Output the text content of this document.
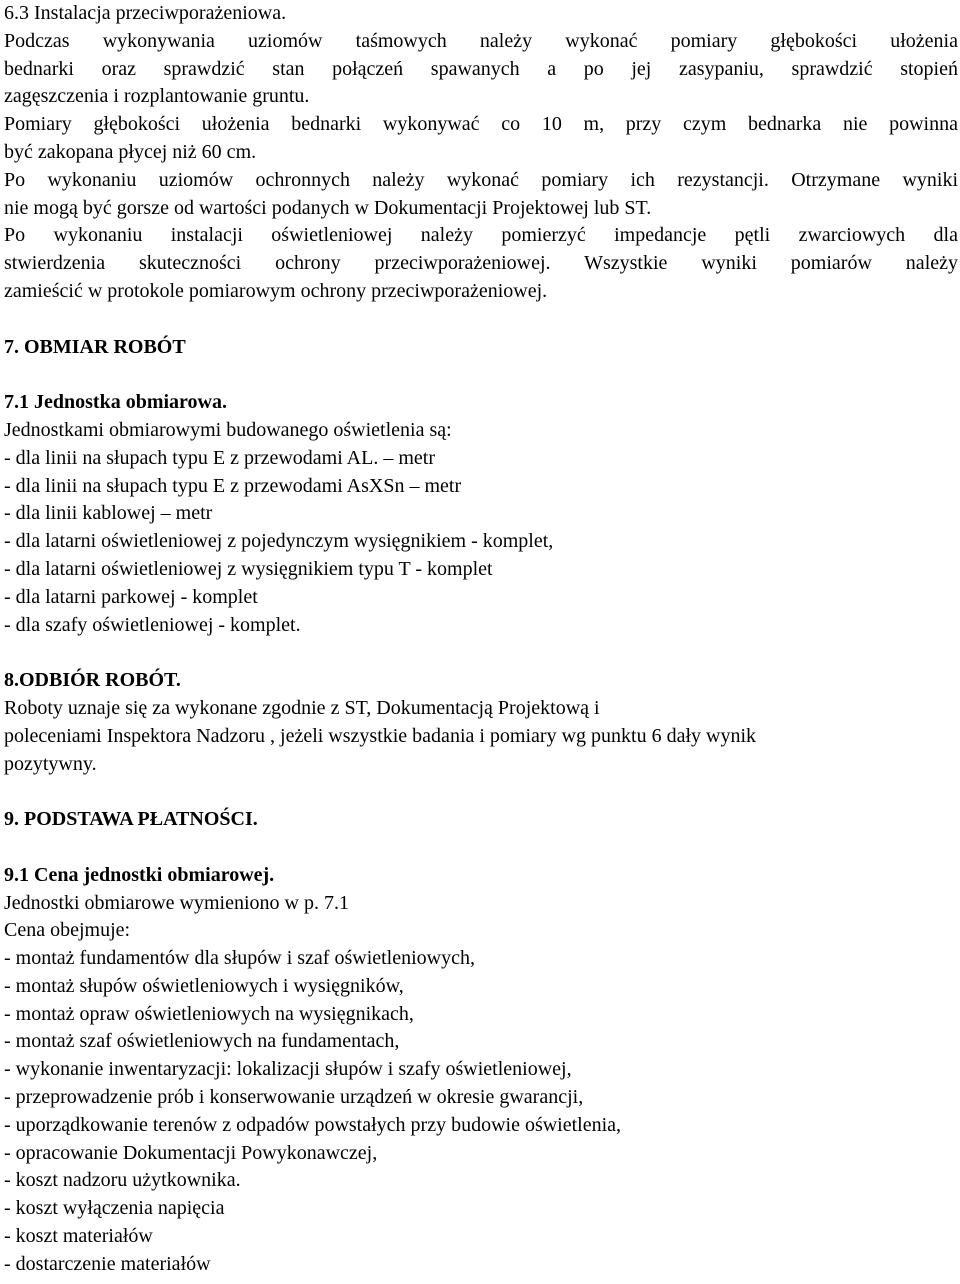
6.3 Instalacja przeciwporażeniowa.

Podczas wykonywania uziomów taśmowych należy wykonać pomiary głębokości ułożenia

bednarki oraz sprawdzić stan połączeń spawanych a po jej zasypaniu, sprawdzić stopień

zagęszczenia i rozplantowanie gruntu.

Pomiary głębokości ułożenia bednarki wykonywać co 10 m, przy czym bednarka nie powinna

być zakopana płycej niż 60 cm.

Po wykonaniu uziomów ochronnych należy wykonać pomiary ich rezystancji. Otrzymane wyniki

nie mogą być gorsze od wartości podanych w Dokumentacji Projektowej lub ST.

Po wykonaniu instalacji oświetleniowej należy pomierzyć impedancje pętli zwarciowych dla

stwierdzenia skuteczności ochrony przeciwporażeniowej. Wszystkie wyniki pomiarów należy

zamieścić w protokole pomiarowym ochrony przeciwporażeniowej.

7. OBMIAR ROBÓT

7.1 Jednostka obmiarowa.

Jednostkami obmiarowymi budowanego oświetlenia są:

- dla linii na słupach typu E z przewodami AL. – metr

- dla linii na słupach typu E z przewodami AsXSn – metr

- dla linii kablowej – metr

- dla latarni oświetleniowej z pojedynczym wysięgnikiem - komplet,

- dla latarni oświetleniowej z wysięgnikiem typu T - komplet

- dla latarni parkowej - komplet

- dla szafy oświetleniowej - komplet.

8.ODBIÓR ROBÓT.

Roboty uznaje się za wykonane zgodnie z ST, Dokumentacją Projektową i

poleceniami Inspektora Nadzoru , jeżeli wszystkie badania i pomiary wg punktu 6 dały wynik

pozytywny.

9. PODSTAWA PŁATNOŚCI.

9.1 Cena jednostki obmiarowej.

Jednostki obmiarowe wymieniono w p. 7.1

Cena obejmuje:

- montaż fundamentów dla słupów i szaf oświetleniowych,

- montaż słupów oświetleniowych i wysięgników,

- montaż opraw oświetleniowych na wysięgnikach,

- montaż szaf oświetleniowych na fundamentach,

- wykonanie inwentaryzacji: lokalizacji słupów i szafy oświetleniowej,

- przeprowadzenie prób i konserwowanie urządzeń w okresie gwarancji,

- uporządkowanie terenów z odpadów powstałych przy budowie oświetlenia,

- opracowanie Dokumentacji Powykonawczej,

- koszt nadzoru użytkownika.

- koszt wyłączenia napięcia

- koszt materiałów

- dostarczenie materiałów
